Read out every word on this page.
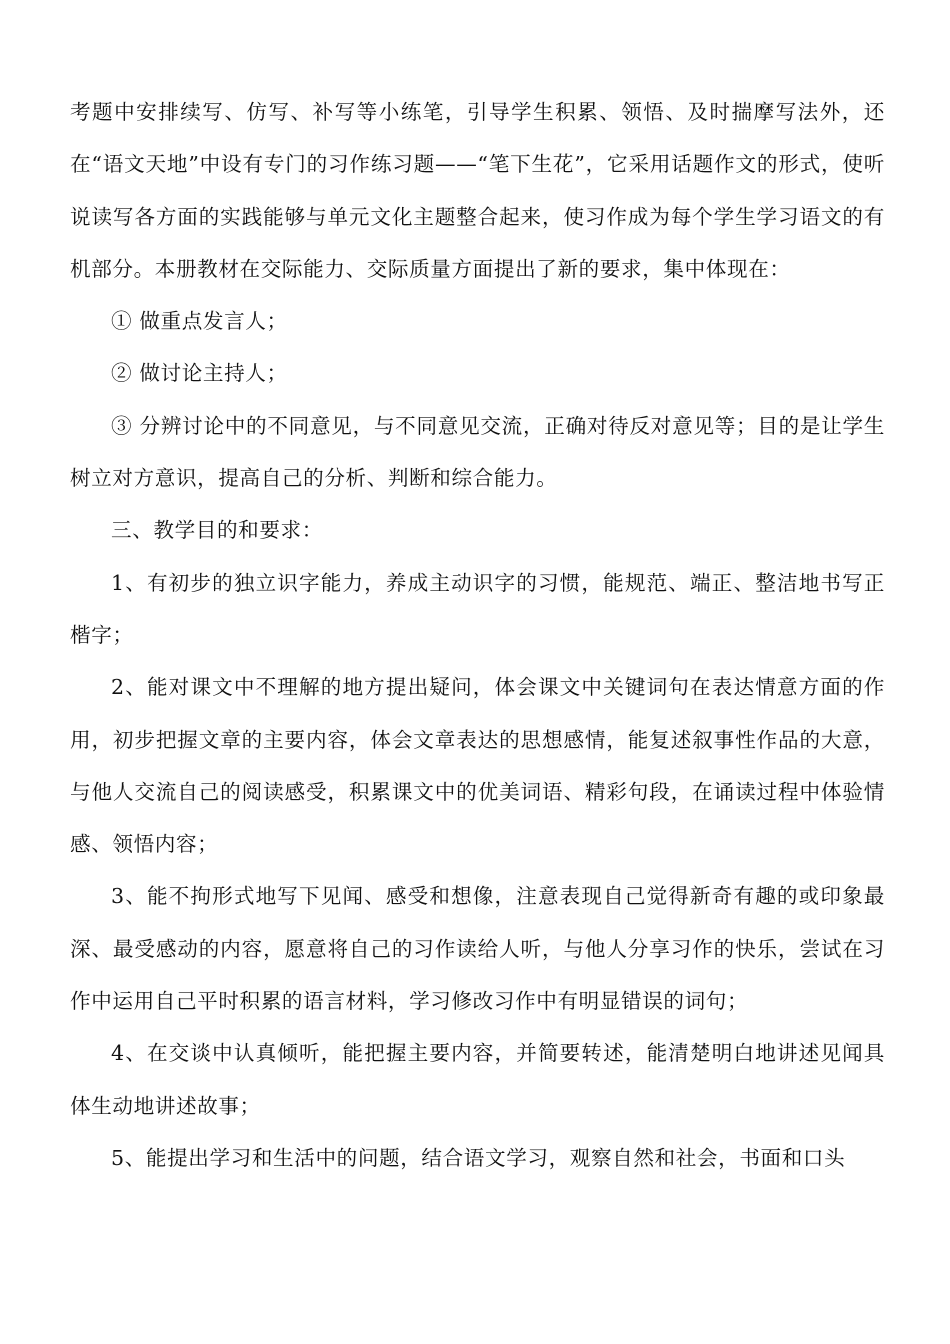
考题中安排续写、仿写、补写等小练笔，引导学生积累、领悟、及时揣摩写法外，还在“语文天地”中设有专门的习作练习题——“笔下生花”，它采用话题作文的形式，使听说读写各方面的实践能够与单元文化主题整合起来，使习作成为每个学生学习语文的有机部分。本册教材在交际能力、交际质量方面提出了新的要求，集中体现在：

① 做重点发言人；

② 做讨论主持人；

③ 分辨讨论中的不同意见，与不同意见交流，正确对待反对意见等；目的是让学生树立对方意识，提高自己的分析、判断和综合能力。

三、教学目的和要求：

1、有初步的独立识字能力，养成主动识字的习惯，能规范、端正、整洁地书写正楷字；

2、能对课文中不理解的地方提出疑问，体会课文中关键词句在表达情意方面的作用，初步把握文章的主要内容，体会文章表达的思想感情，能复述叙事性作品的大意，与他人交流自己的阅读感受，积累课文中的优美词语、精彩句段，在诵读过程中体验情感、领悟内容；

3、能不拘形式地写下见闻、感受和想像，注意表现自己觉得新奇有趣的或印象最深、最受感动的内容，愿意将自己的习作读给人听，与他人分享习作的快乐，尝试在习作中运用自己平时积累的语言材料，学习修改习作中有明显错误的词句；

4、在交谈中认真倾听，能把握主要内容，并简要转述，能清楚明白地讲述见闻具体生动地讲述故事；

5、能提出学习和生活中的问题，结合语文学习，观察自然和社会，书面和口头
